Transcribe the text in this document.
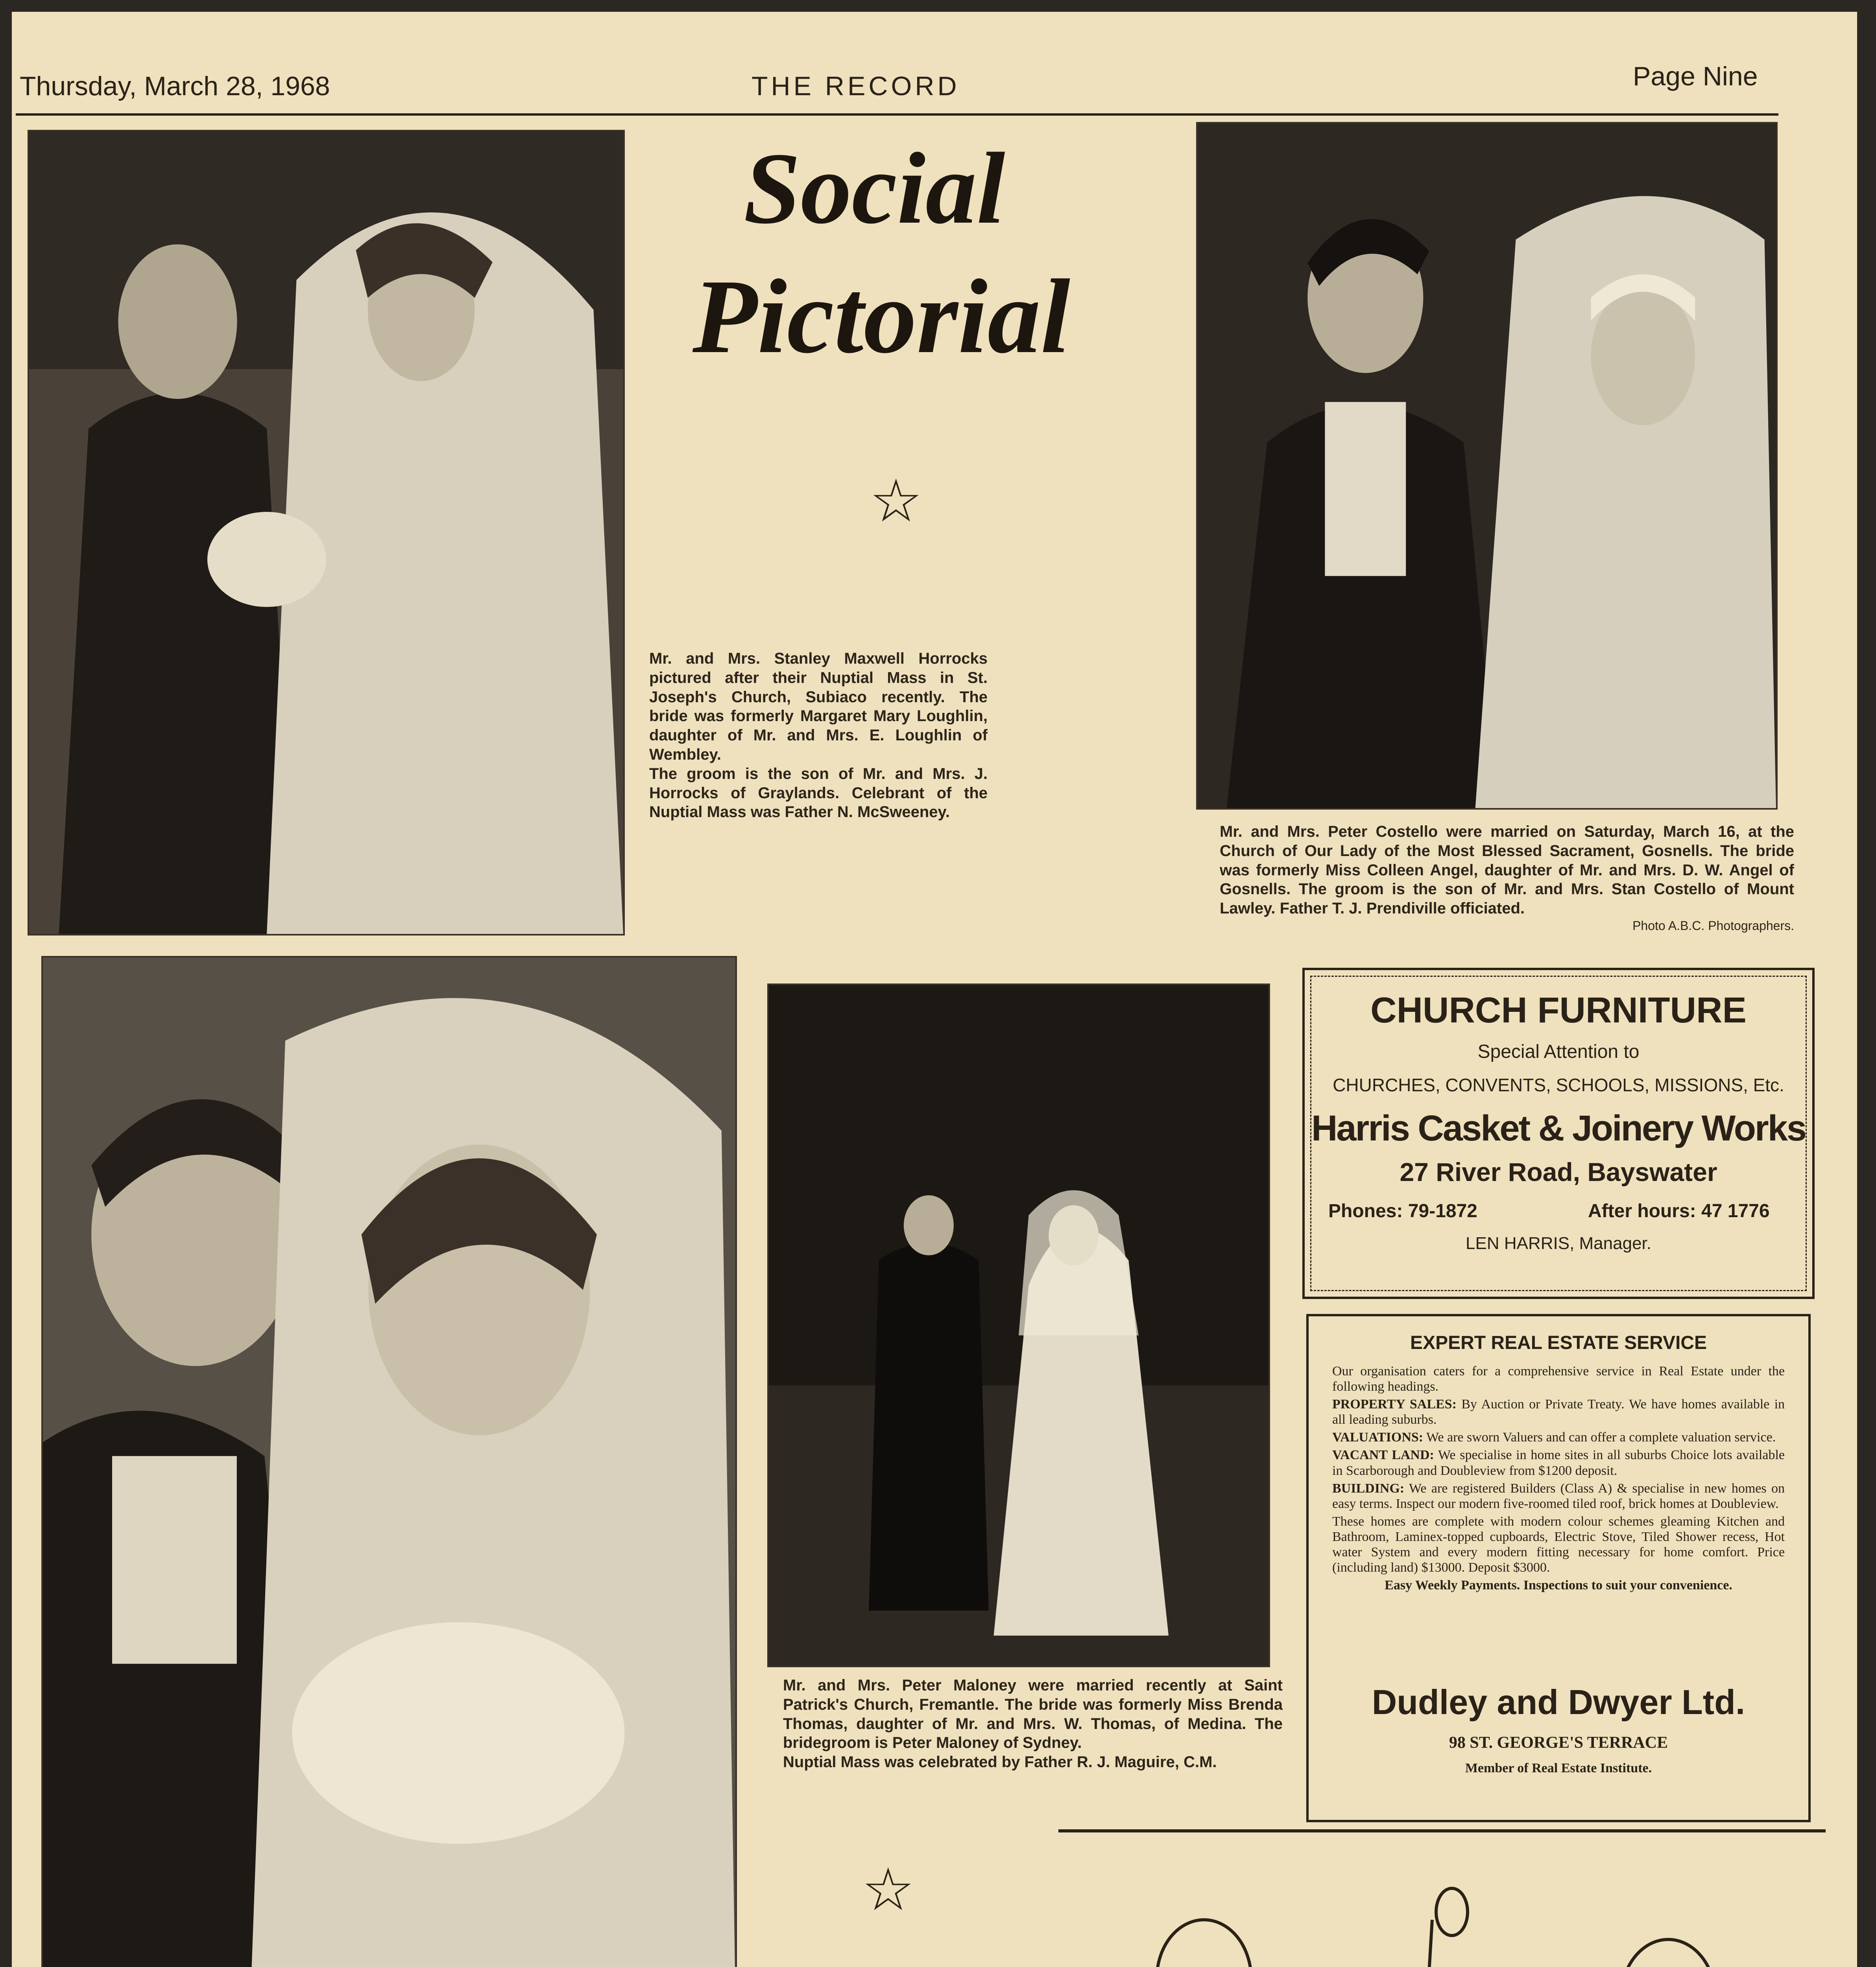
Thursday, March 28, 1968	THE RECORD	Page Nine
Social
Pictorial
☆

Mr. and Mrs. Stanley Maxwell Horrocks pictured after their Nuptial Mass in St. Joseph's Church, Subiaco recently. The bride was formerly Margaret Mary Loughlin, daughter of Mr. and Mrs. E. Loughlin of Wembley.

The groom is the son of Mr. and Mrs. J. Horrocks of Graylands. Celebrant of the Nuptial Mass was Father N. McSweeney.

Mr. and Mrs. Peter Costello were married on Saturday, March 16, at the Church of Our Lady of the Most Blessed Sacrament, Gosnells. The bride was formerly Miss Colleen Angel, daughter of Mr. and Mrs. D. W. Angel of Gosnells. The groom is the son of Mr. and Mrs. Stan Costello of Mount Lawley. Father T. J. Prendiville officiated.

Photo A.B.C. Photographers.

Mr. and Mrs. Peter Maloney were married recently at Saint Patrick's Church, Fremantle. The bride was formerly Miss Brenda Thomas, daughter of Mr. and Mrs. W. Thomas, of Medina. The bridegroom is Peter Maloney of Sydney.

Nuptial Mass was celebrated by Father R. J. Maguire, C.M.

☆
CHURCH FURNITURE
Special Attention to
CHURCHES, CONVENTS, SCHOOLS, MISSIONS, Etc.
Harris Casket & Joinery Works
27 River Road, Bayswater
Phones: 79-1872	After hours: 47 1776
LEN HARRIS, Manager.
EXPERT REAL ESTATE SERVICE

Our organisation caters for a comprehensive service in Real Estate under the following headings.

PROPERTY SALES: By Auction or Private Treaty. We have homes available in all leading suburbs.

VALUATIONS: We are sworn Valuers and can offer a complete valuation service.

VACANT LAND: We specialise in home sites in all suburbs Choice lots available in Scarborough and Doubleview from $1200 deposit.

BUILDING: We are registered Builders (Class A) & specialise in new homes on easy terms. Inspect our modern five-roomed tiled roof, brick homes at Doubleview.

These homes are complete with modern colour schemes gleaming Kitchen and Bathroom, Laminex-topped cupboards, Electric Stove, Tiled Shower recess, Hot water System and every modern fitting necessary for home comfort. Price (including land) $13000. Deposit $3000.

Easy Weekly Payments. Inspections to suit your convenience.

Dudley and Dwyer Ltd.
98 ST. GEORGE'S TERRACE
Member of Real Estate Institute.
